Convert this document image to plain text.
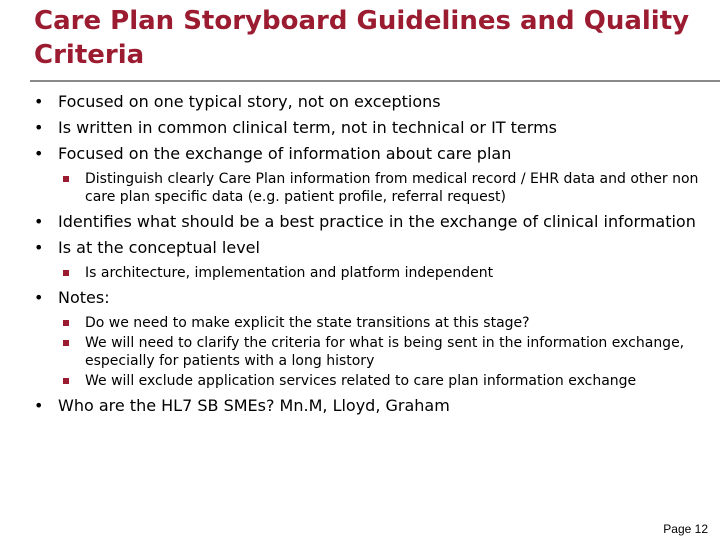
Care Plan Storyboard Guidelines and Quality Criteria
• Focused on one typical story, not on exceptions
• Is written in common clinical term, not in technical or IT terms
• Focused on the exchange of information about care plan
Distinguish clearly Care Plan information from medical record / EHR data and other non care plan specific data (e.g. patient profile, referral request)
• Identifies what should be a best practice in the exchange of clinical information
• Is at the conceptual level
Is architecture, implementation and platform independent
• Notes:
Do we need to make explicit the state transitions at this stage?
We will need to clarify the criteria for what is being sent in the information exchange, especially for patients with a long history
We will exclude application services related to care plan information exchange
• Who are the HL7 SB SMEs? Mn.M, Lloyd, Graham
Page 12
